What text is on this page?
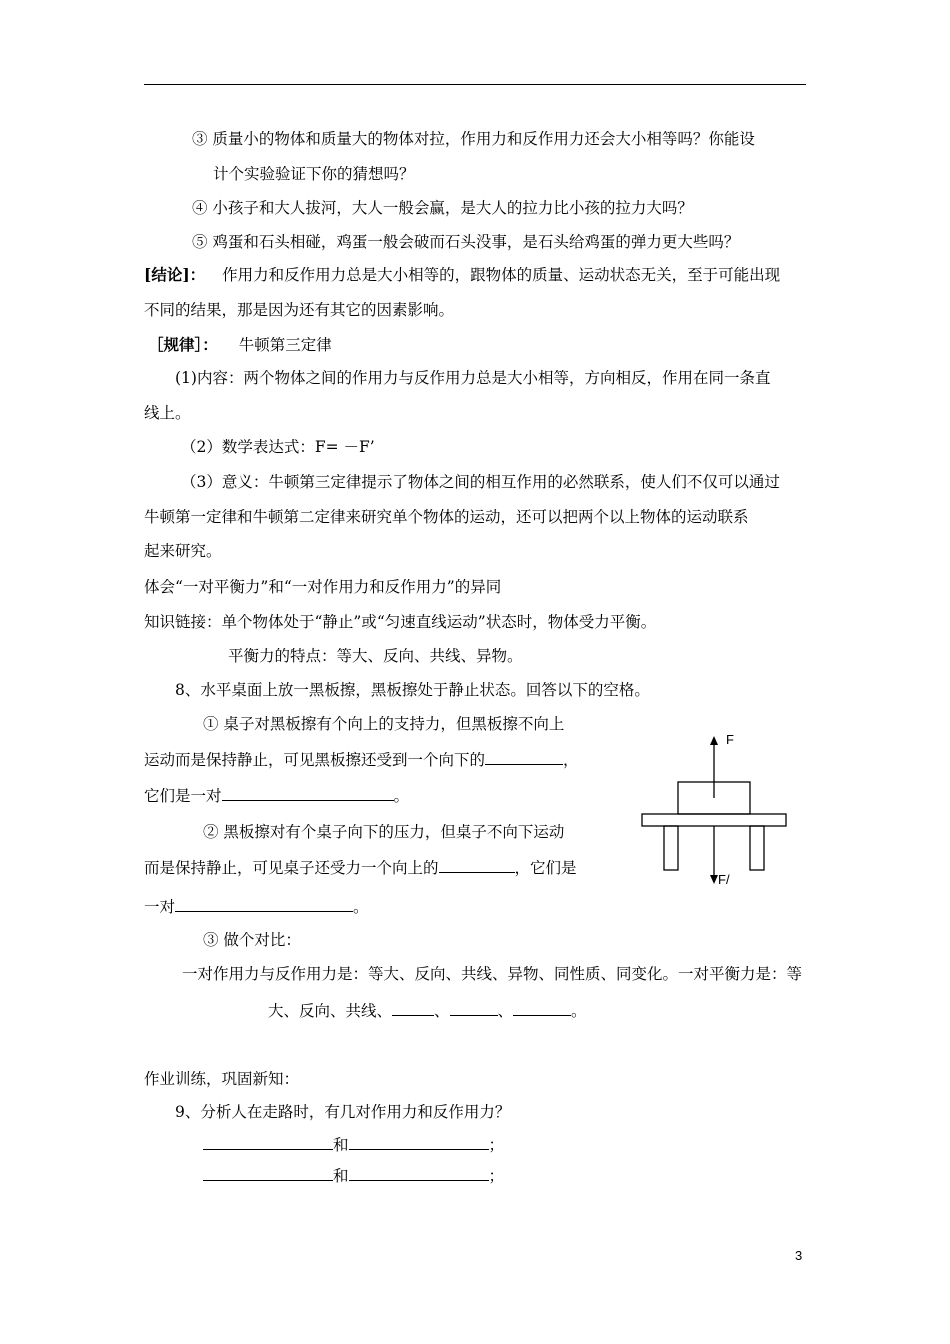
③ 质量小的物体和质量大的物体对拉，作用力和反作用力还会大小相等吗？你能设
计个实验验证下你的猜想吗？
④ 小孩子和大人拔河，大人一般会赢，是大人的拉力比小孩的拉力大吗？
⑤ 鸡蛋和石头相碰，鸡蛋一般会破而石头没事，是石头给鸡蛋的弹力更大些吗？
[结论]： 作用力和反作用力总是大小相等的，跟物体的质量、运动状态无关，至于可能出现
不同的结果，那是因为还有其它的因素影响。
［规律］： 牛顿第三定律
(1)内容：两个物体之间的作用力与反作用力总是大小相等，方向相反，作用在同一条直
线上。
（2）数学表达式：F= －F’
（3）意义：牛顿第三定律提示了物体之间的相互作用的必然联系，使人们不仅可以通过
牛顿第一定律和牛顿第二定律来研究单个物体的运动，还可以把两个以上物体的运动联系
起来研究。
体会“一对平衡力”和“一对作用力和反作用力”的异同
知识链接：单个物体处于“静止”或“匀速直线运动”状态时，物体受力平衡。
平衡力的特点：等大、反向、共线、异物。
8、水平桌面上放一黑板擦，黑板擦处于静止状态。回答以下的空格。
① 桌子对黑板擦有个向上的支持力，但黑板擦不向上
运动而是保持静止，可见黑板擦还受到一个向下的	，
它们是一对	。
② 黑板擦对有个桌子向下的压力，但桌子不向下运动
而是保持静止，可见桌子还受力一个向上的	，它们是
一对	。
③ 做个对比：
一对作用力与反作用力是：等大、反向、共线、异物、同性质、同变化。一对平衡力是：等
大、反向、共线、	、	、	。
作业训练，巩固新知：
9、分析人在走路时，有几对作用力和反作用力？
和	；
和	；
F
F/
3
